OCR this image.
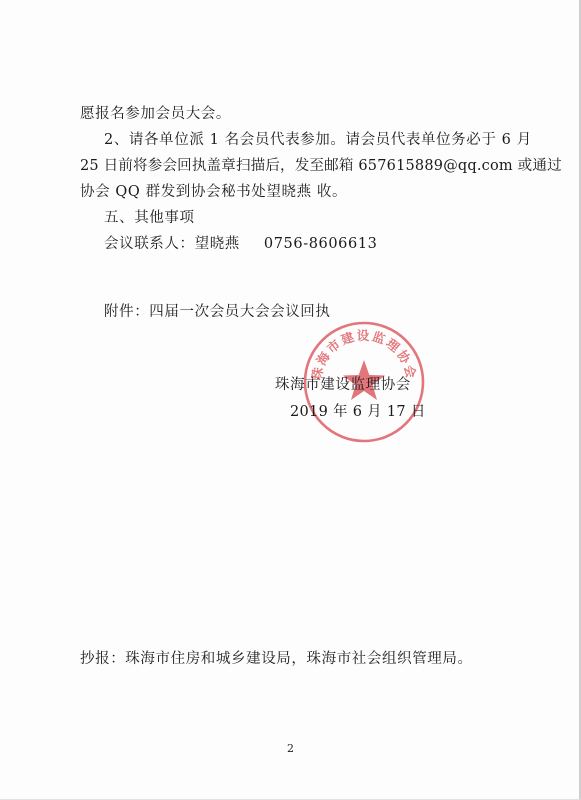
愿报名参加会员大会。
2、请各单位派 1 名会员代表参加。请会员代表单位务必于 6 月
25 日前将参会回执盖章扫描后，发至邮箱 657615889@qq.com 或通过
协会 QQ 群发到协会秘书处望晓燕 收。
五、其他事项
会议联系人：望晓燕 0756-8606613
附件：四届一次会员大会会议回执
珠海市建设监理协会
珠海市建设监理协会
2019 年 6 月 17 日
抄报：珠海市住房和城乡建设局，珠海市社会组织管理局。
2
